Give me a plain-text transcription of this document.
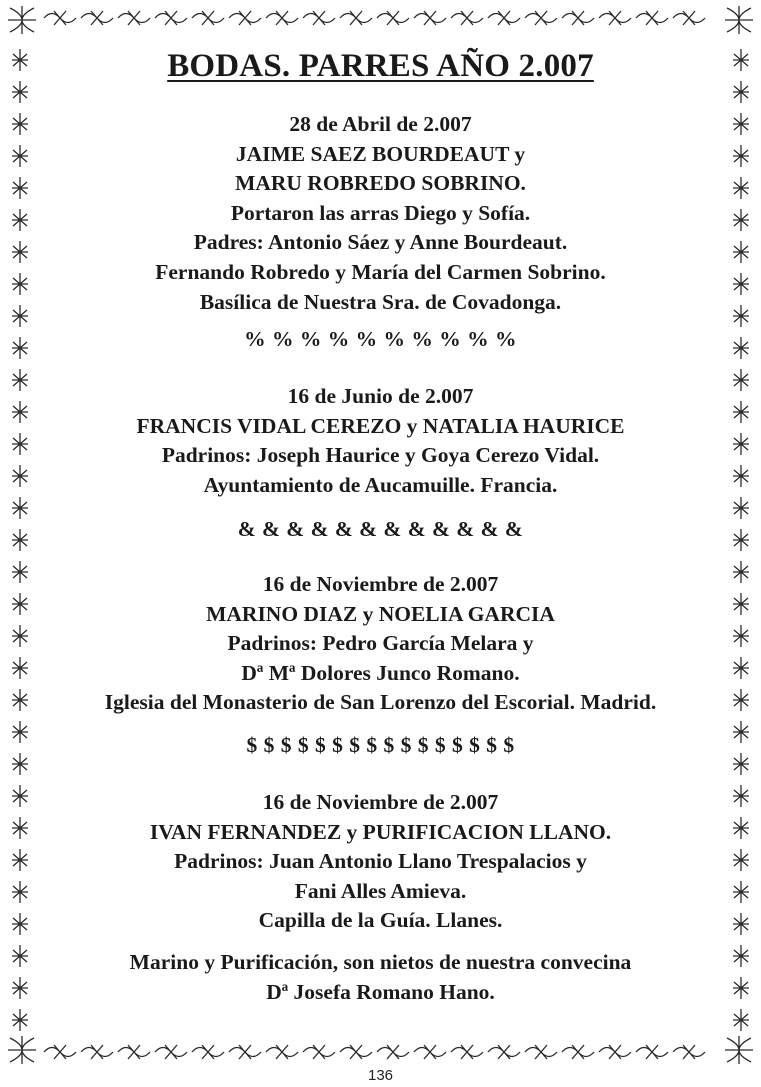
BODAS. PARRES AÑO 2.007
28 de Abril de 2.007
JAIME SAEZ BOURDEAUT y
MARU ROBREDO SOBRINO.
Portaron las arras Diego y Sofía.
Padres: Antonio Sáez y Anne Bourdeaut.
Fernando Robredo y María del Carmen Sobrino.
Basílica de Nuestra Sra. de Covadonga.
% % % % % % % % % %
16 de Junio de 2.007
FRANCIS VIDAL CEREZO y NATALIA HAURICE
Padrinos: Joseph Haurice y Goya Cerezo Vidal.
Ayuntamiento de Aucamuille. Francia.
& & & & & & & & & & & &
16 de Noviembre de 2.007
MARINO DIAZ y NOELIA GARCIA
Padrinos: Pedro García Melara y
Dª Mª Dolores Junco Romano.
Iglesia del Monasterio de San Lorenzo del Escorial. Madrid.
$ $ $ $ $ $ $ $ $ $ $ $ $ $ $ $
16 de Noviembre de 2.007
IVAN FERNANDEZ y PURIFICACION LLANO.
Padrinos: Juan Antonio Llano Trespalacios y
Fani Alles Amieva.
Capilla de la Guía. Llanes.
Marino y Purificación, son nietos de nuestra convecina
Dª Josefa Romano Hano.
136
